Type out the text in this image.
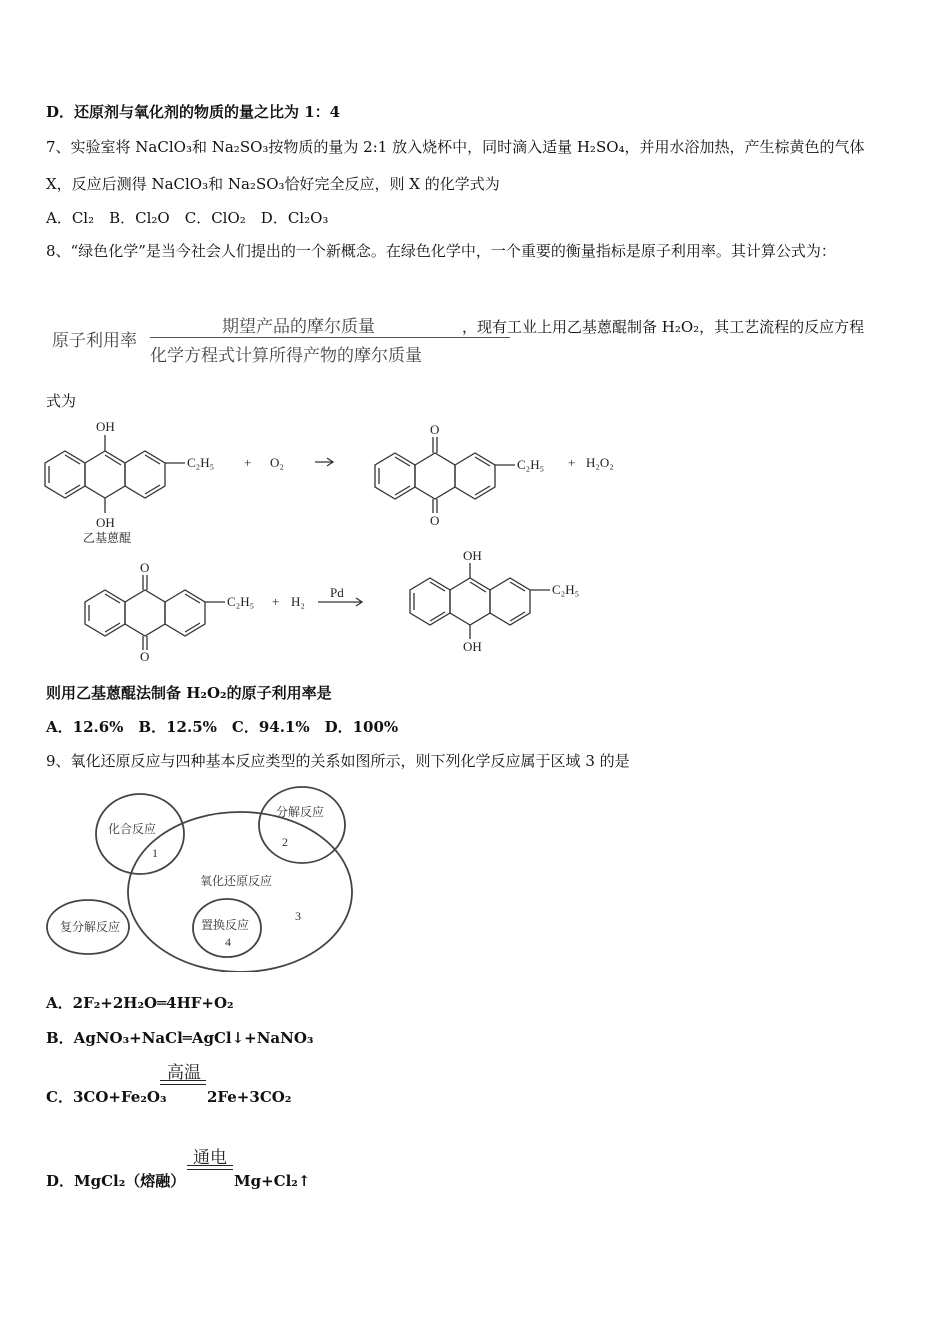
D．还原剂与氧化剂的物质的量之比为 1：4
7、实验室将 NaClO₃和 Na₂SO₃按物质的量为 2:1 放入烧杯中，同时滴入适量 H₂SO₄，并用水浴加热，产生棕黄色的气体
X，反应后测得 NaClO₃和 Na₂SO₃恰好完全反应，则 X 的化学式为
A．Cl₂　B．Cl₂O　C．ClO₂　D．Cl₂O₃
8、“绿色化学”是当今社会人们提出的一个新概念。在绿色化学中，一个重要的衡量指标是原子利用率。其计算公式为：
原子利用率
期望产品的摩尔质量
化学方程式计算所得产物的摩尔质量
，现有工业上用乙基蒽醌制备 H₂O₂，其工艺流程的反应方程
式为
OH
OH
C₂H₅ + O₂
O
O
C₂H₅ + H₂O₂
乙基蒽醌
O
O
C₂H₅ + H₂
Pd
OH
OH
C₂H₅
则用乙基蒽醌法制备 H₂O₂的原子利用率是
A．12.6%　B．12.5%　C．94.1%　D．100%
9、氧化还原反应与四种基本反应类型的关系如图所示，则下列化学反应属于区域 3 的是
化合反应
分解反应
氧化还原反应
复分解反应	置换反应
1
2
3
4
A．2F₂+2H₂O═4HF+O₂
B．AgNO₃+NaCl═AgCl↓+NaNO₃
C．3CO+Fe₂O₃
高温
2Fe+3CO₂
D．MgCl₂（熔融）
通电
Mg+Cl₂↑
